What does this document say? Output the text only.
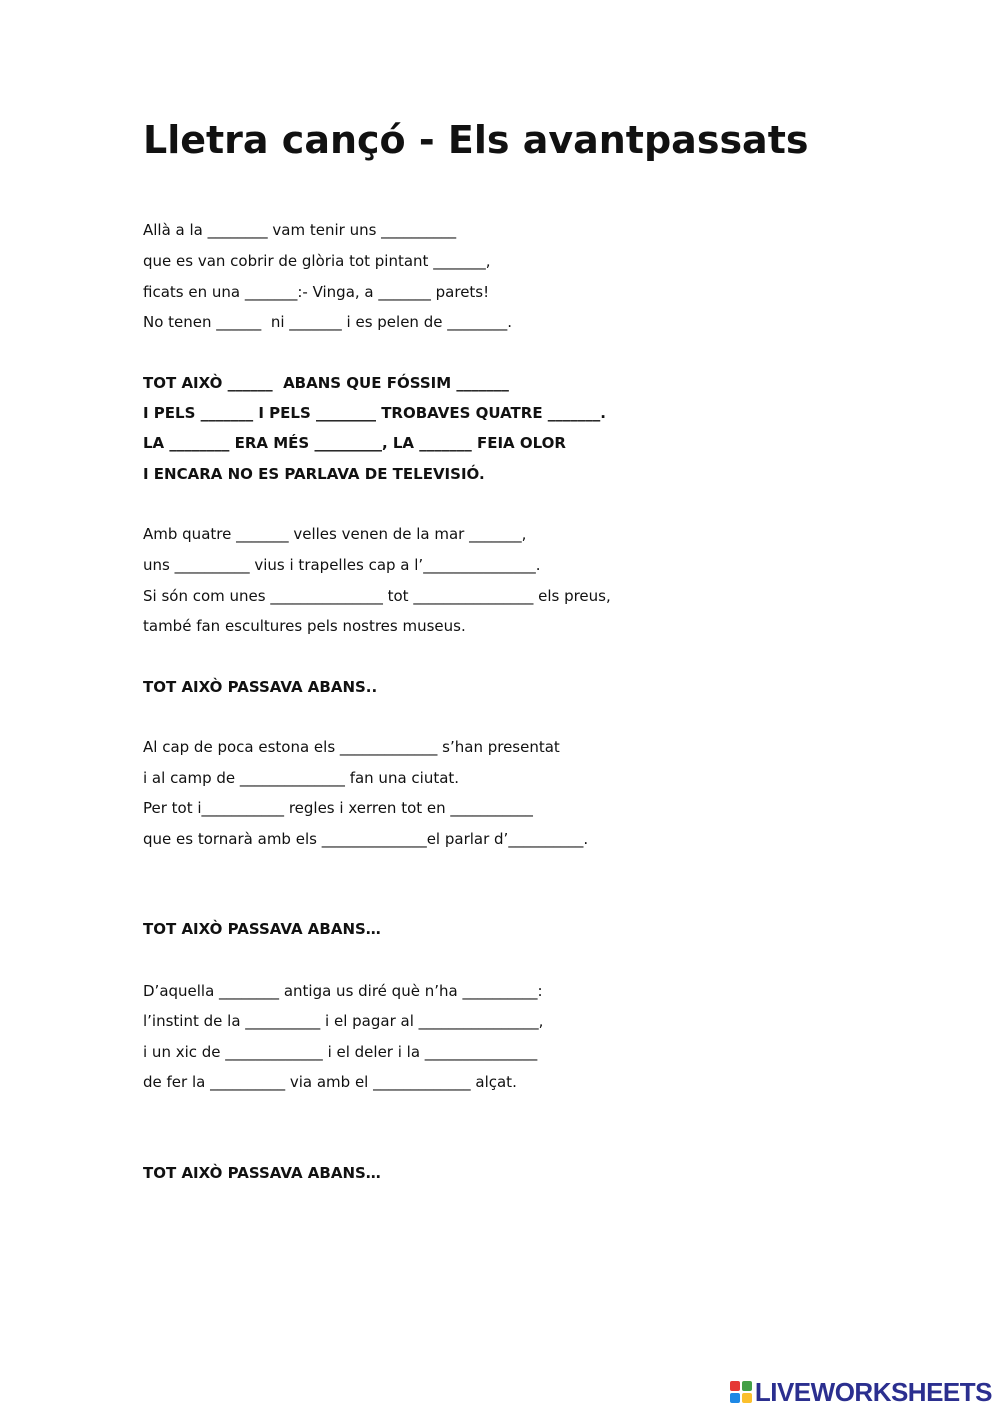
Lletra cançó - Els avantpassats
Allà a la ________ vam tenir uns __________
que es van cobrir de glòria tot pintant _______,
ficats en una _______:- Vinga, a _______ parets!
No tenen ______  ni _______ i es pelen de ________.
TOT AIXÒ ______  ABANS QUE FÓSSIM _______
I PELS _______ I PELS ________ TROBAVES QUATRE _______.
LA ________ ERA MÉS _________, LA _______ FEIA OLOR
I ENCARA NO ES PARLAVA DE TELEVISIÓ.
Amb quatre _______ velles venen de la mar _______,
uns __________ vius i trapelles cap a l’_______________.
Si són com unes _______________ tot ________________ els preus,
també fan escultures pels nostres museus.
TOT AIXÒ PASSAVA ABANS..
Al cap de poca estona els _____________ s’han presentat
i al camp de ______________ fan una ciutat.
Per tot i___________ regles i xerren tot en ___________
que es tornarà amb els ______________el parlar d’__________.
TOT AIXÒ PASSAVA ABANS…
D’aquella ________ antiga us diré què n’ha __________:
l’instint de la __________ i el pagar al ________________,
i un xic de _____________ i el deler i la _______________
de fer la __________ via amb el _____________ alçat.
TOT AIXÒ PASSAVA ABANS…
LIVEWORKSHEETS
